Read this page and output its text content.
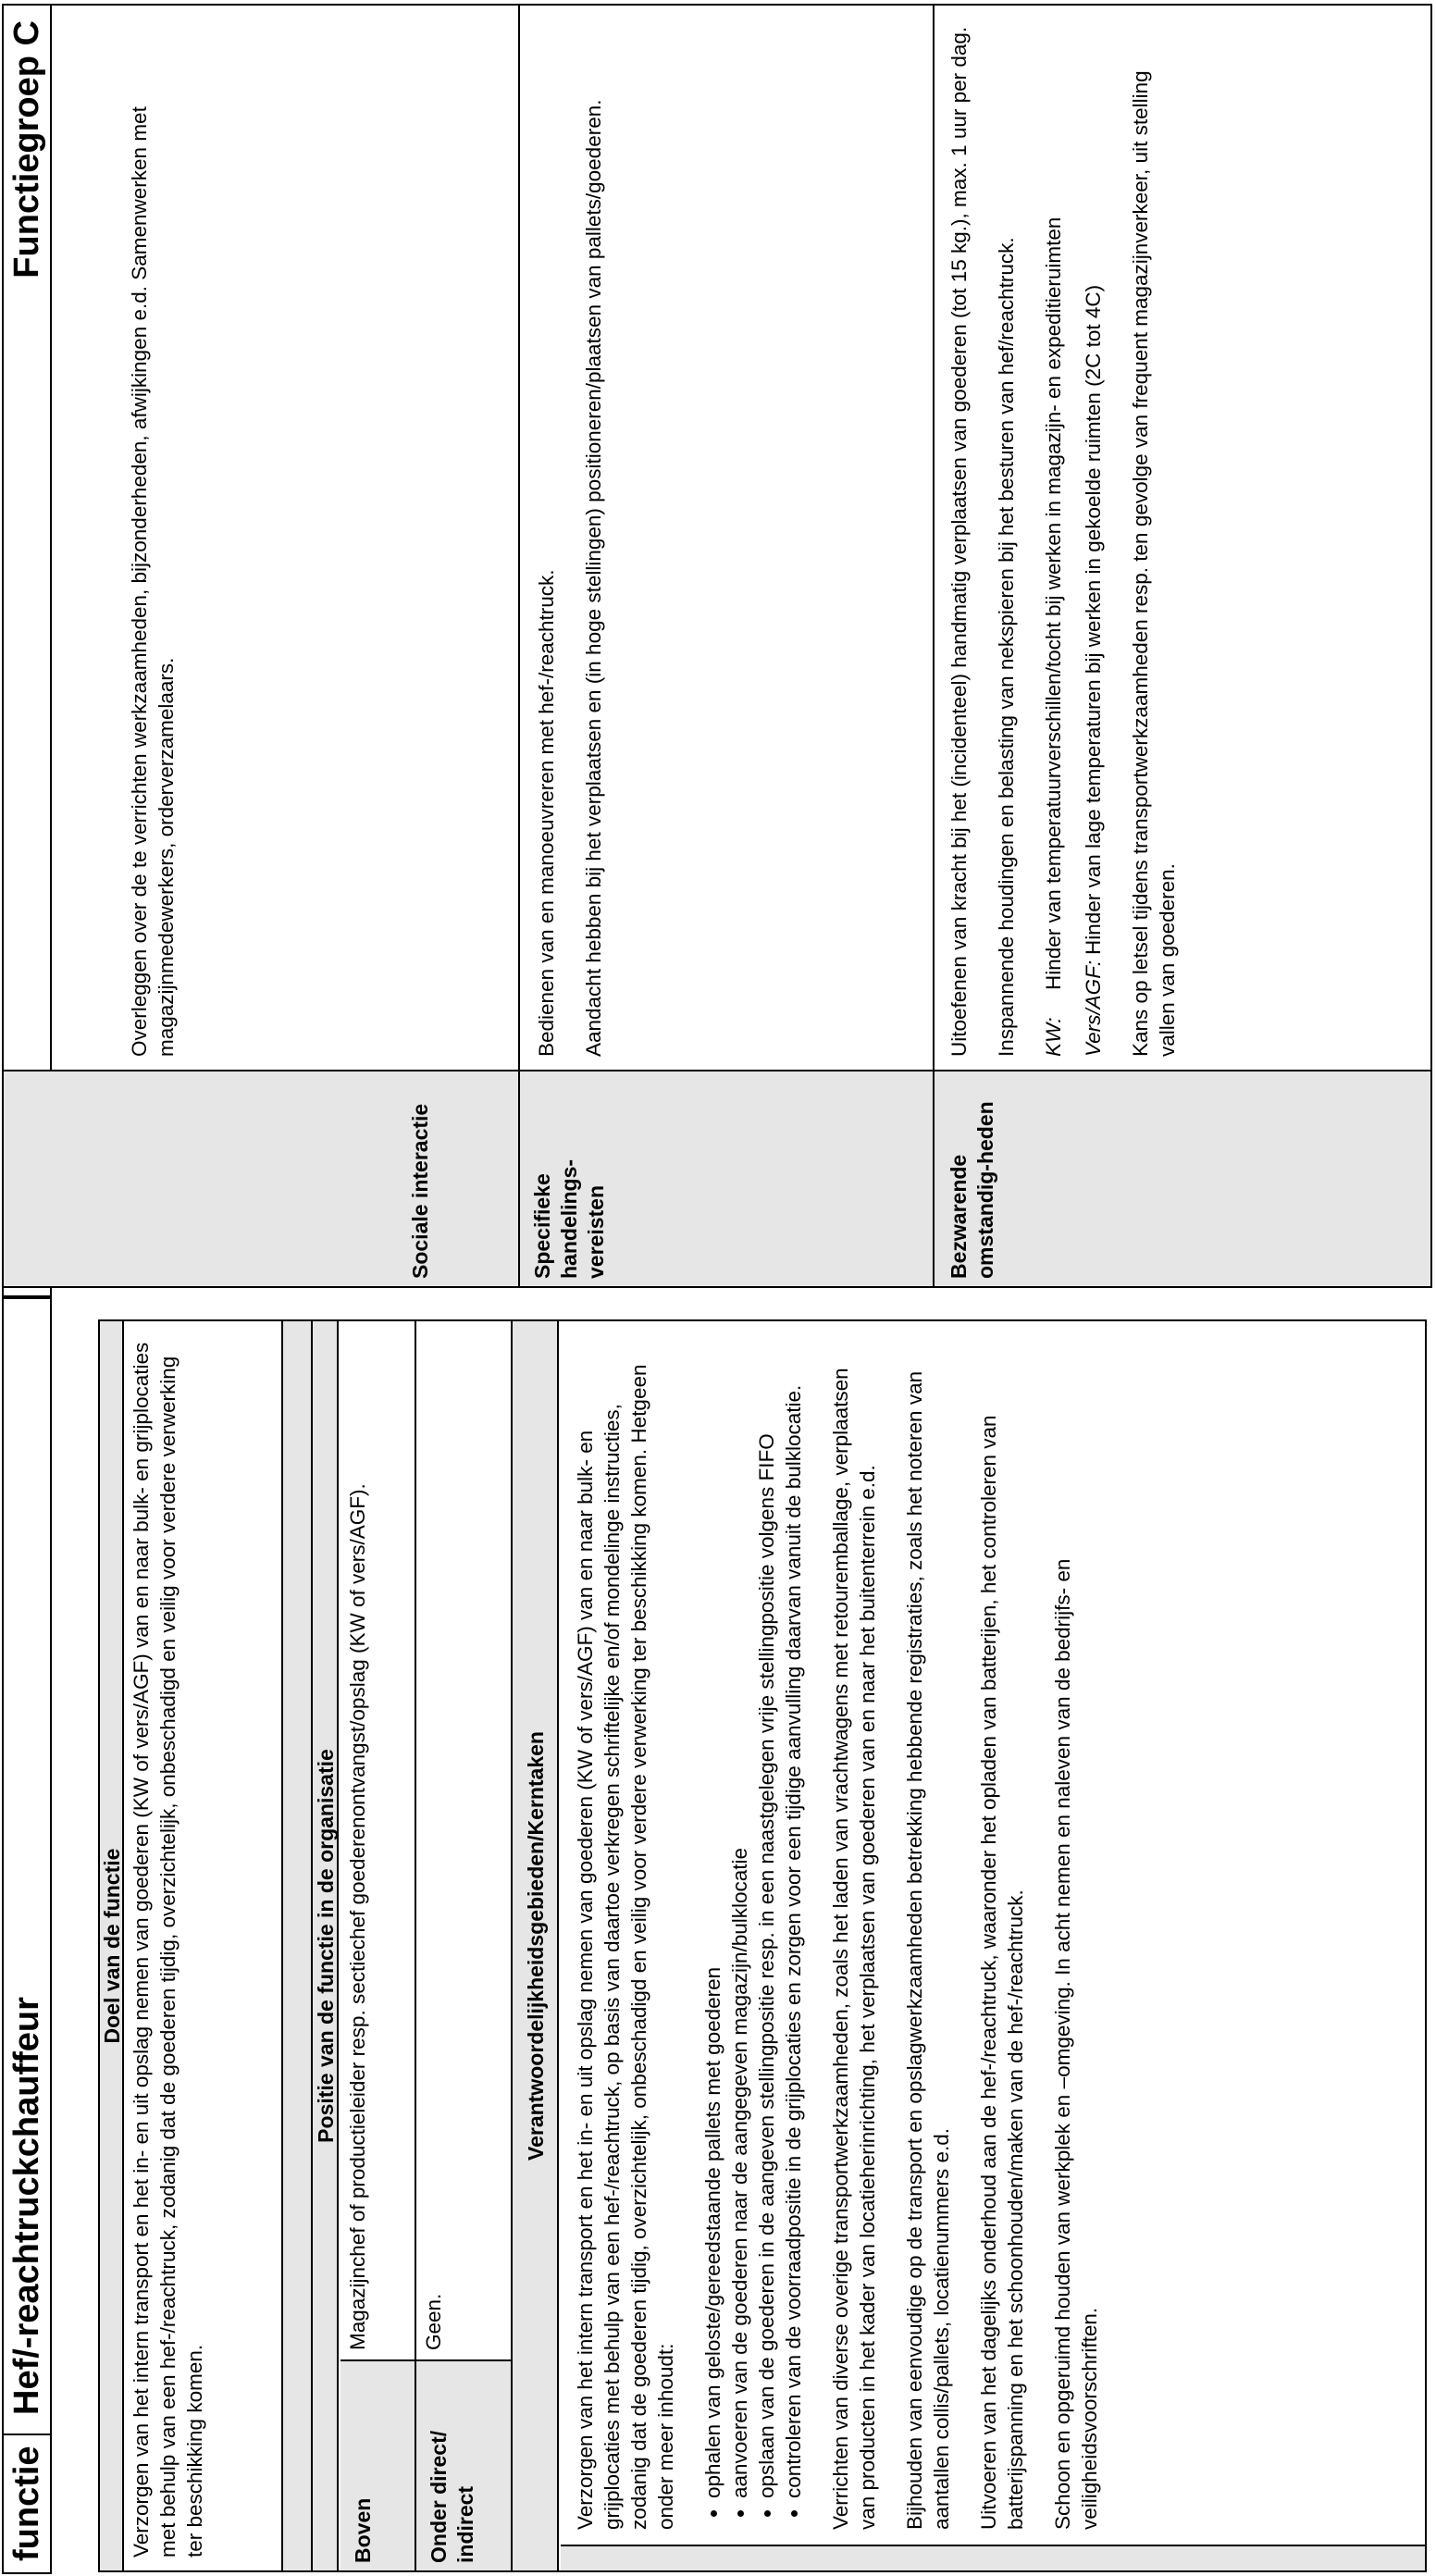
functie
Hef/-reachtruckchauffeur
Functiegroep C
Doel van de functie Verzorgen van het intern transport en het in- en uit opslag nemen van goederen (KW of vers/AGF) van en naar bulk- en grijplocaties met behulp van een hef-/reachtruck, zodanig dat de goederen tijdig, overzichtelijk, onbeschadigd en veilig voor verdere verwerking ter beschikking komen.
Positie van de functie in de organisatie
Boven
Magazijnchef of productieleider resp. sectiechef goederenontvangst/opslag (KW of vers/AGF).
Onder direct/ indirect
Geen.
Verantwoordelijkheidsgebieden/Kerntaken	Verzorgen van het intern transport en het in- en uit opslag nemen van goederen (KW of vers/AGF) van en naar bulk- en grijplocaties met behulp van een hef-/reachtruck, op basis van daartoe verkregen schriftelijke en/of mondelinge instructies, zodanig dat de goederen tijdig, overzichtelijk, onbeschadigd en veilig voor verdere verwerking ter beschikking komen. Hetgeen onder meer inhoudt: • ophalen van geloste/gereedstaande pallets met goederen • aanvoeren van de goederen naar de aangegeven magazijn/bulklocatie • opslaan van de goederen in de aangeven stellingpositie resp. in een naastgelegen vrije stellingpositie volgens FIFO • controleren van de voorraadpositie in de grijplocaties en zorgen voor een tijdige aanvulling daarvan vanuit de bulklocatie. Verrichten van diverse overige transportwerkzaamheden, zoals het laden van vrachtwagens met retouremballage, verplaatsen van producten in het kader van locatieherinrichting, het verplaatsen van goederen van en naar het buitenterrein e.d. Bijhouden van eenvoudige op de transport en opslagwerkzaamheden betrekking hebbende registraties, zoals het noteren van aantallen collis/pallets, locatienummers e.d. Uitvoeren van het dagelijks onderhoud aan de hef-/reachtruck, waaronder het opladen van batterijen, het controleren van batterijspanning en het schoonhouden/maken van de hef-/reachtruck. Schoon en opgeruimd houden van werkplek en –omgeving. In acht nemen en naleven van de bedrijfs- en veiligheidsvoorschriften.

Sociale interactie
Overleggen over de te verrichten werkzaamheden, bijzonderheden, afwijkingen e.d. Samenwerken met magazijnmedewerkers, orderverzamelaars.
Specifieke handelings-vereisten

Bedienen van en manoeuvreren met hef-/reachtruck. Aandacht hebben bij het verplaatsen en (in hoge stellingen) positioneren/plaatsen van pallets/goederen.

Bezwarende omstandig-heden

Uitoefenen van kracht bij het (incidenteel) handmatig verplaatsen van goederen (tot 15 kg.), max. 1 uur per dag. Inspannende houdingen en belasting van nekspieren bij het besturen van hef/reachtruck. KW:
Hinder van temperatuurverschillen/tocht bij werken in magazijn- en expeditieruimten
Vers/AGF:
Hinder van lage temperaturen bij werken in gekoelde ruimten (2C tot 4C) Kans op letsel tijdens transportwerkzaamheden resp. ten gevolge van frequent magazijnverkeer, uit stelling vallen van goederen.
